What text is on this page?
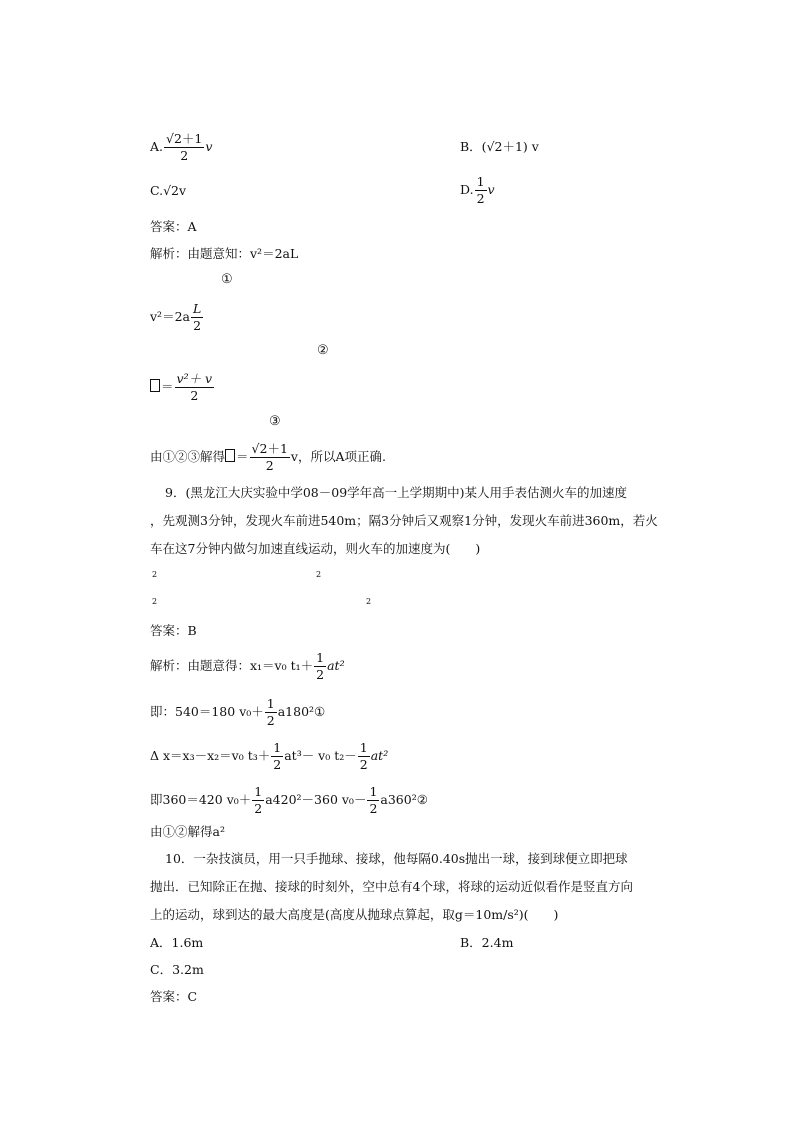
A. $\frac{√2+1}{2}$ v	B．(√2＋1) v
C.√2v	D. $\frac{1}{2}$ v
答案：A
解析：由题意知：v²＝2aL
①
$v^2=2a \frac{L}{2}$
②
＝ $\frac{\text{v²＋ v}}{2}$
③
由①②③解得 ＝ $\frac{√2+1}{2}$ v，所以A项正确.
9．(黑龙江大庆实验中学08－09学年高一上学期期中)某人用手表估测火车的加速度
，先观测3分钟，发现火车前进540m；隔3分钟后又观察1分钟，发现火车前进360m，若火
车在这7分钟内做匀加速直线运动，则火车的加速度为(　　)
2	2
2	2
答案：B
解析：由题意得：x₁＝v₀ $t_1+ \frac{1}{2} at^2$
即：540＝180 $v_0+ \frac{1}{2}$ a180²①
Δ x＝x₃－x₂＝v₀ $t_3+ \frac{1}{2} at^3- v_0$ $t_2- \frac{1}{2} at^2$
即360＝420 $v_0+ \frac{1}{2} a420^2-360$ $v_0- \frac{1}{2}$ a360²②
由①②解得a²
10．一杂技演员，用一只手抛球、接球，他每隔0.40s抛出一球，接到球便立即把球
抛出．已知除正在抛、接球的时刻外，空中总有4个球，将球的运动近似看作是竖直方向
上的运动，球到达的最大高度是(高度从抛球点算起，取g＝10m/s²)(　　)
A．1.6m	B．2.4m
C．3.2m
答案：C
